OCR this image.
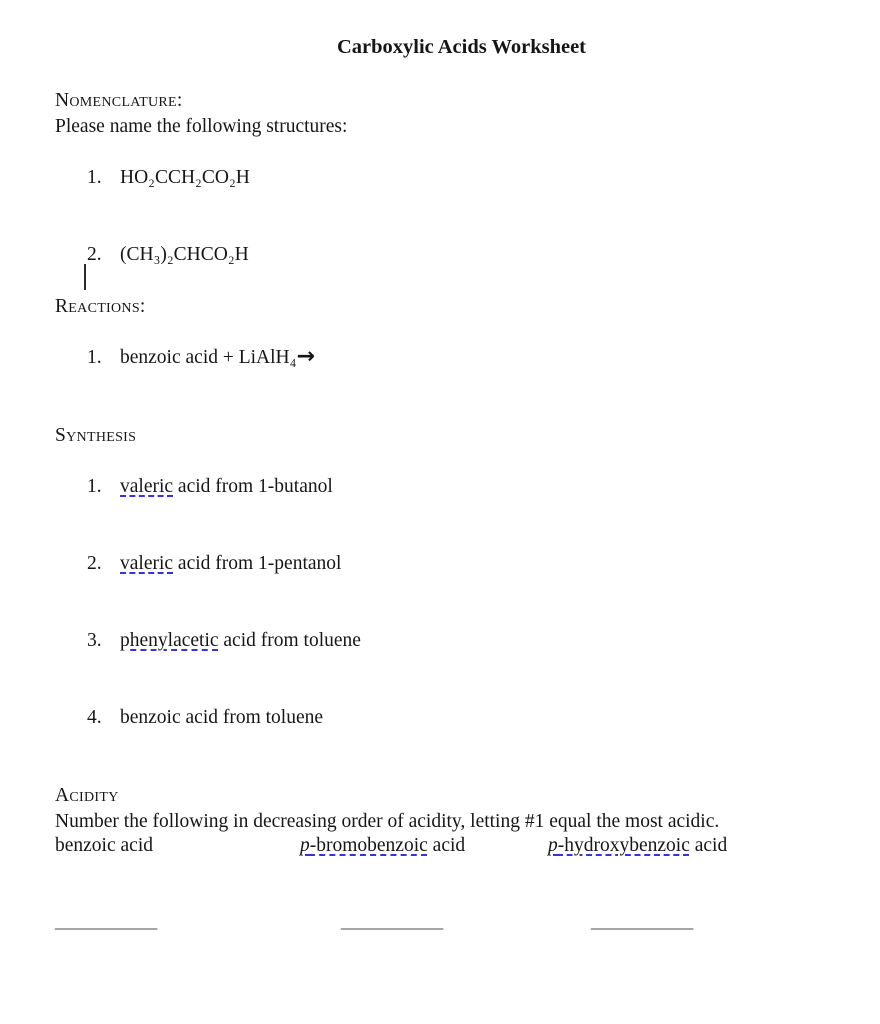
Carboxylic Acids Worksheet
Nomenclature:
Please name the following structures:
1. HO₂CCH₂CO₂H
2. (CH₃)₂CHCO₂H
Reactions:
1. benzoic acid + LiAlH₄→
Synthesis
1. valeric acid from 1-butanol
2. valeric acid from 1-pentanol
3. phenylacetic acid from toluene
4. benzoic acid from toluene
Acidity
Number the following in decreasing order of acidity, letting #1 equal the most acidic.
benzoic acid	p-bromobenzoic acid	p-hydroxybenzoic acid
___________	___________	___________
